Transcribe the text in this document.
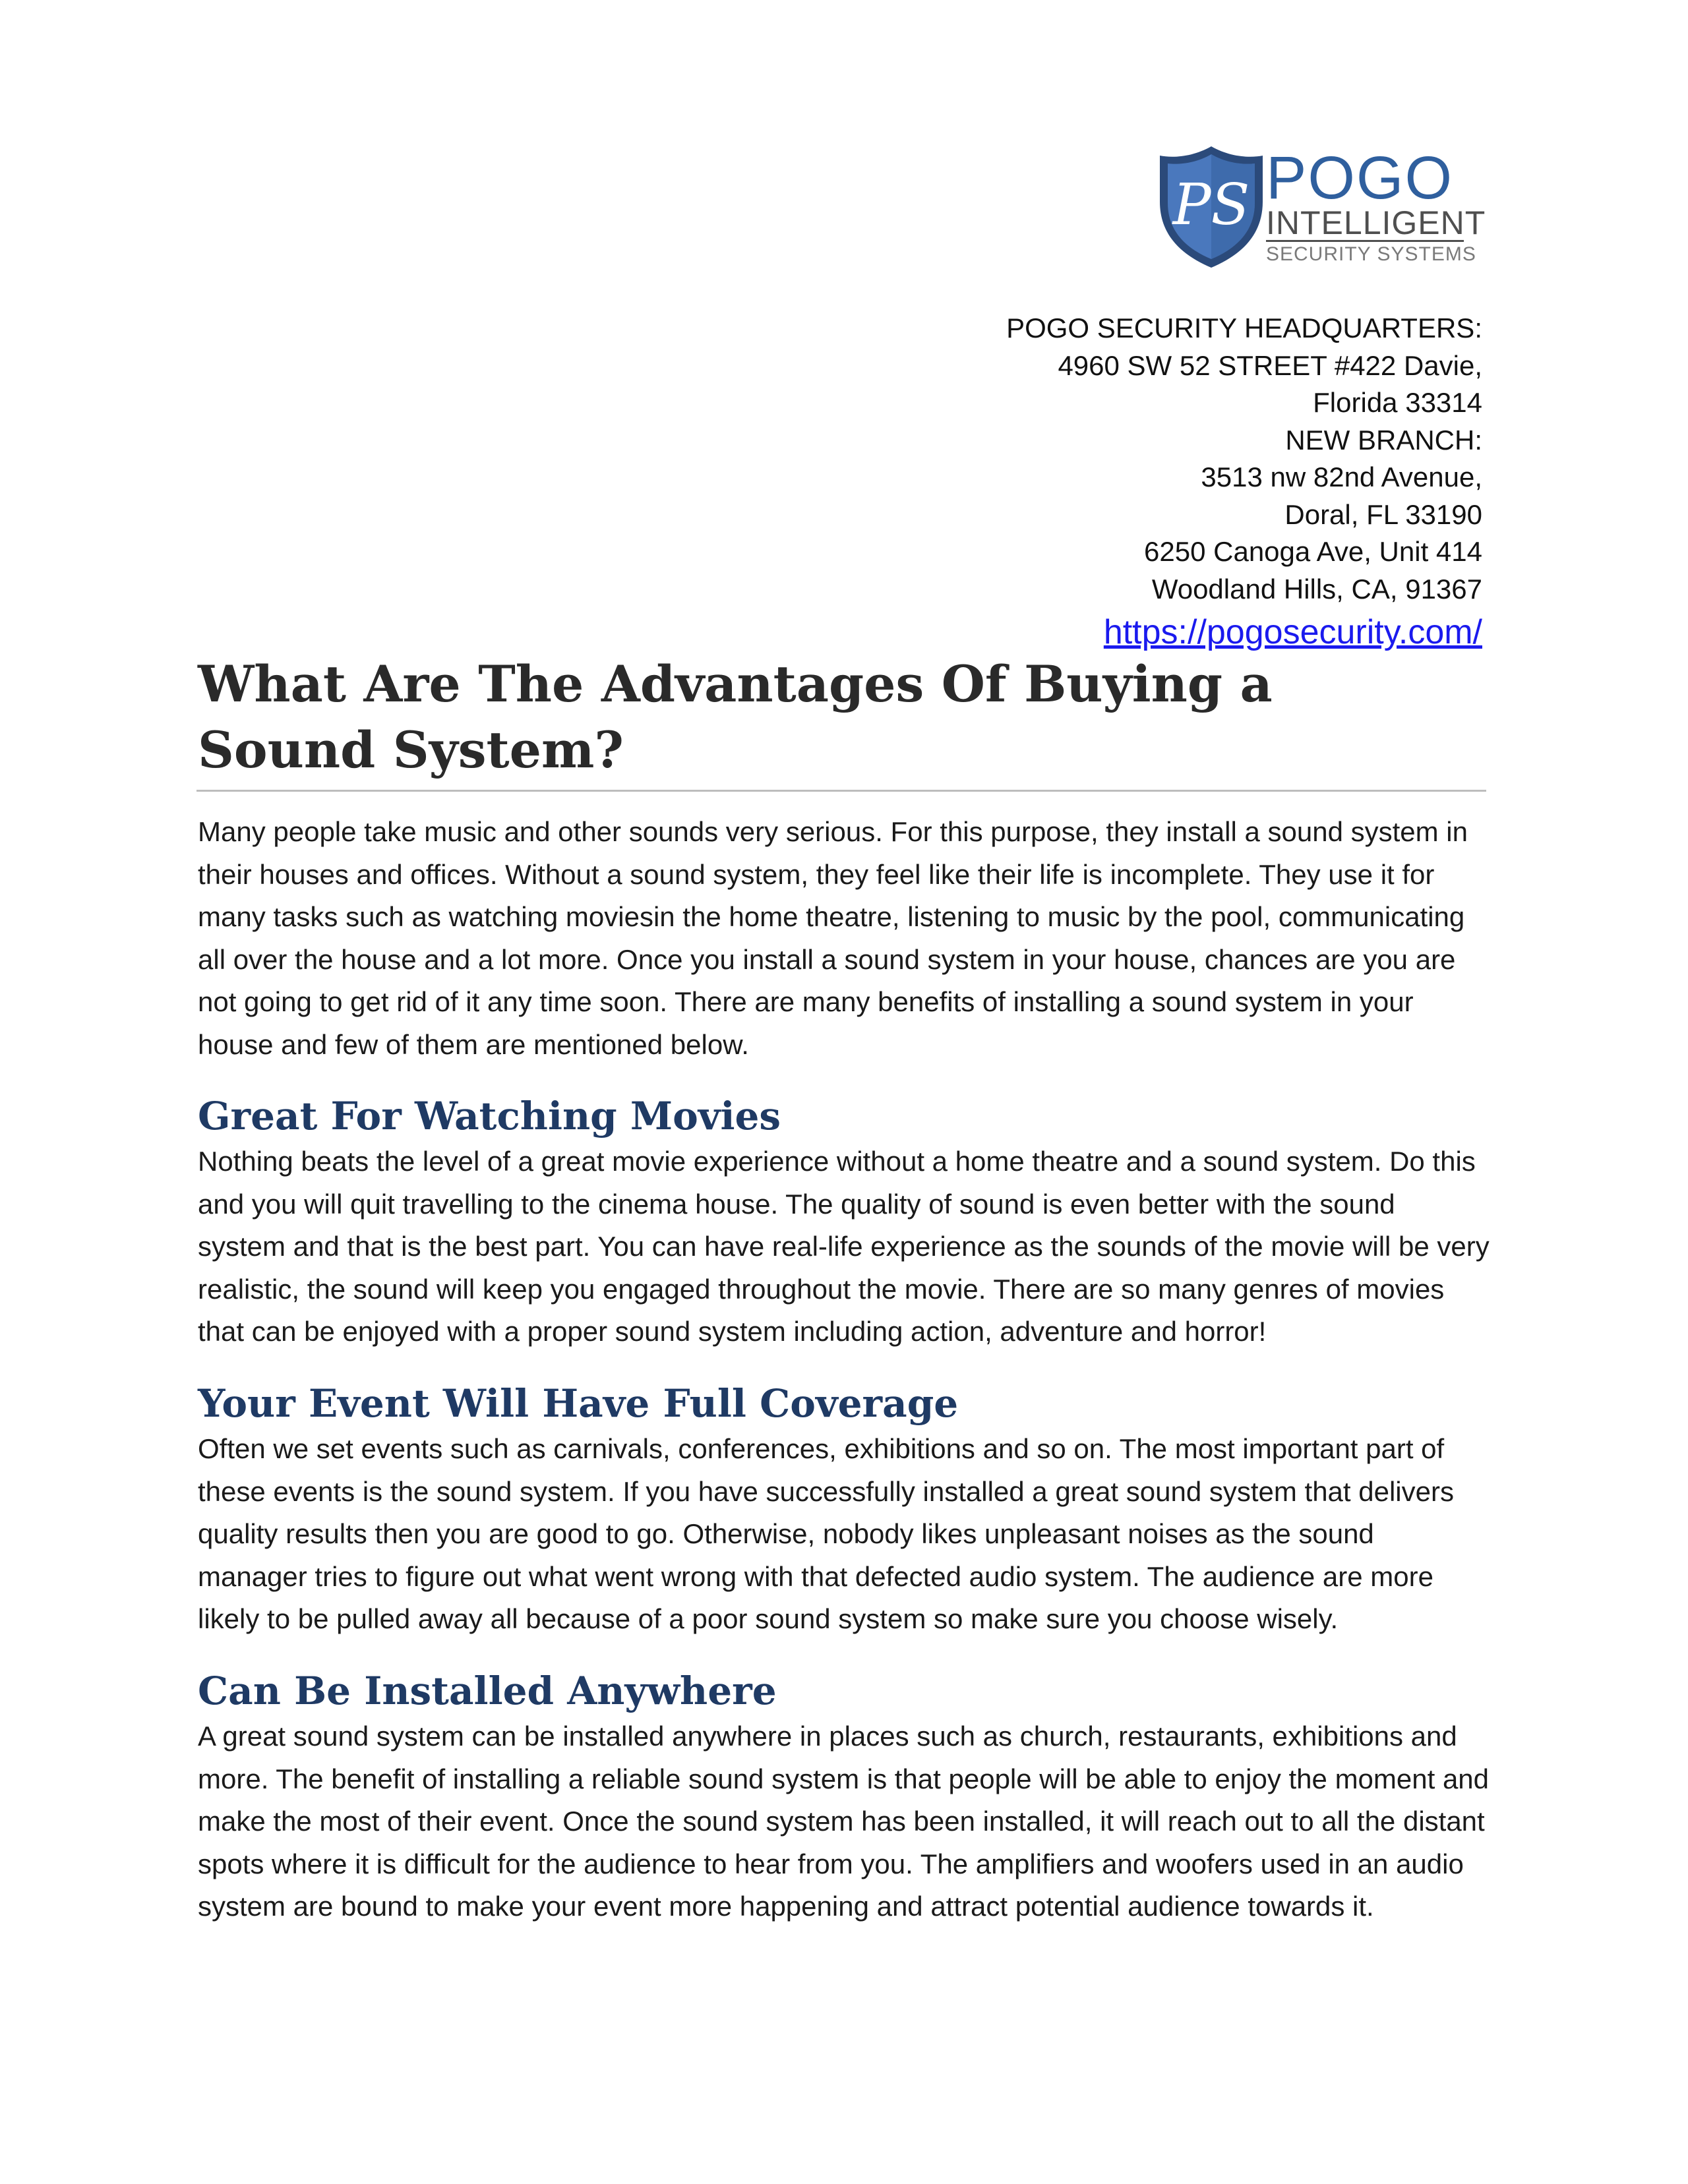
PS POGO
INTELLIGENT
SECURITY SYSTEMS
POGO SECURITY HEADQUARTERS:
4960 SW 52 STREET #422 Davie,
Florida 33314
NEW BRANCH:
3513 nw 82nd Avenue,
Doral, FL 33190
6250 Canoga Ave, Unit 414
Woodland Hills, CA, 91367
https://pogosecurity.com/
What Are The Advantages Of Buying a Sound System?

Many people take music and other sounds very serious. For this purpose, they install a sound system in their houses and offices. Without a sound system, they feel like their life is incomplete. They use it for many tasks such as watching moviesin the home theatre, listening to music by the pool, communicating all over the house and a lot more. Once you install a sound system in your house, chances are you are not going to get rid of it any time soon. There are many benefits of installing a sound system in your house and few of them are mentioned below.

Great For Watching Movies

Nothing beats the level of a great movie experience without a home theatre and a sound system. Do this and you will quit travelling to the cinema house. The quality of sound is even better with the sound system and that is the best part. You can have real-life experience as the sounds of the movie will be very realistic, the sound will keep you engaged throughout the movie. There are so many genres of movies that can be enjoyed with a proper sound system including action, adventure and horror!

Your Event Will Have Full Coverage

Often we set events such as carnivals, conferences, exhibitions and so on. The most important part of these events is the sound system. If you have successfully installed a great sound system that delivers quality results then you are good to go. Otherwise, nobody likes unpleasant noises as the sound manager tries to figure out what went wrong with that defected audio system. The audience are more likely to be pulled away all because of a poor sound system so make sure you choose wisely.

Can Be Installed Anywhere

A great sound system can be installed anywhere in places such as church, restaurants, exhibitions and more. The benefit of installing a reliable sound system is that people will be able to enjoy the moment and make the most of their event. Once the sound system has been installed, it will reach out to all the distant spots where it is difficult for the audience to hear from you. The amplifiers and woofers used in an audio system are bound to make your event more happening and attract potential audience towards it.
